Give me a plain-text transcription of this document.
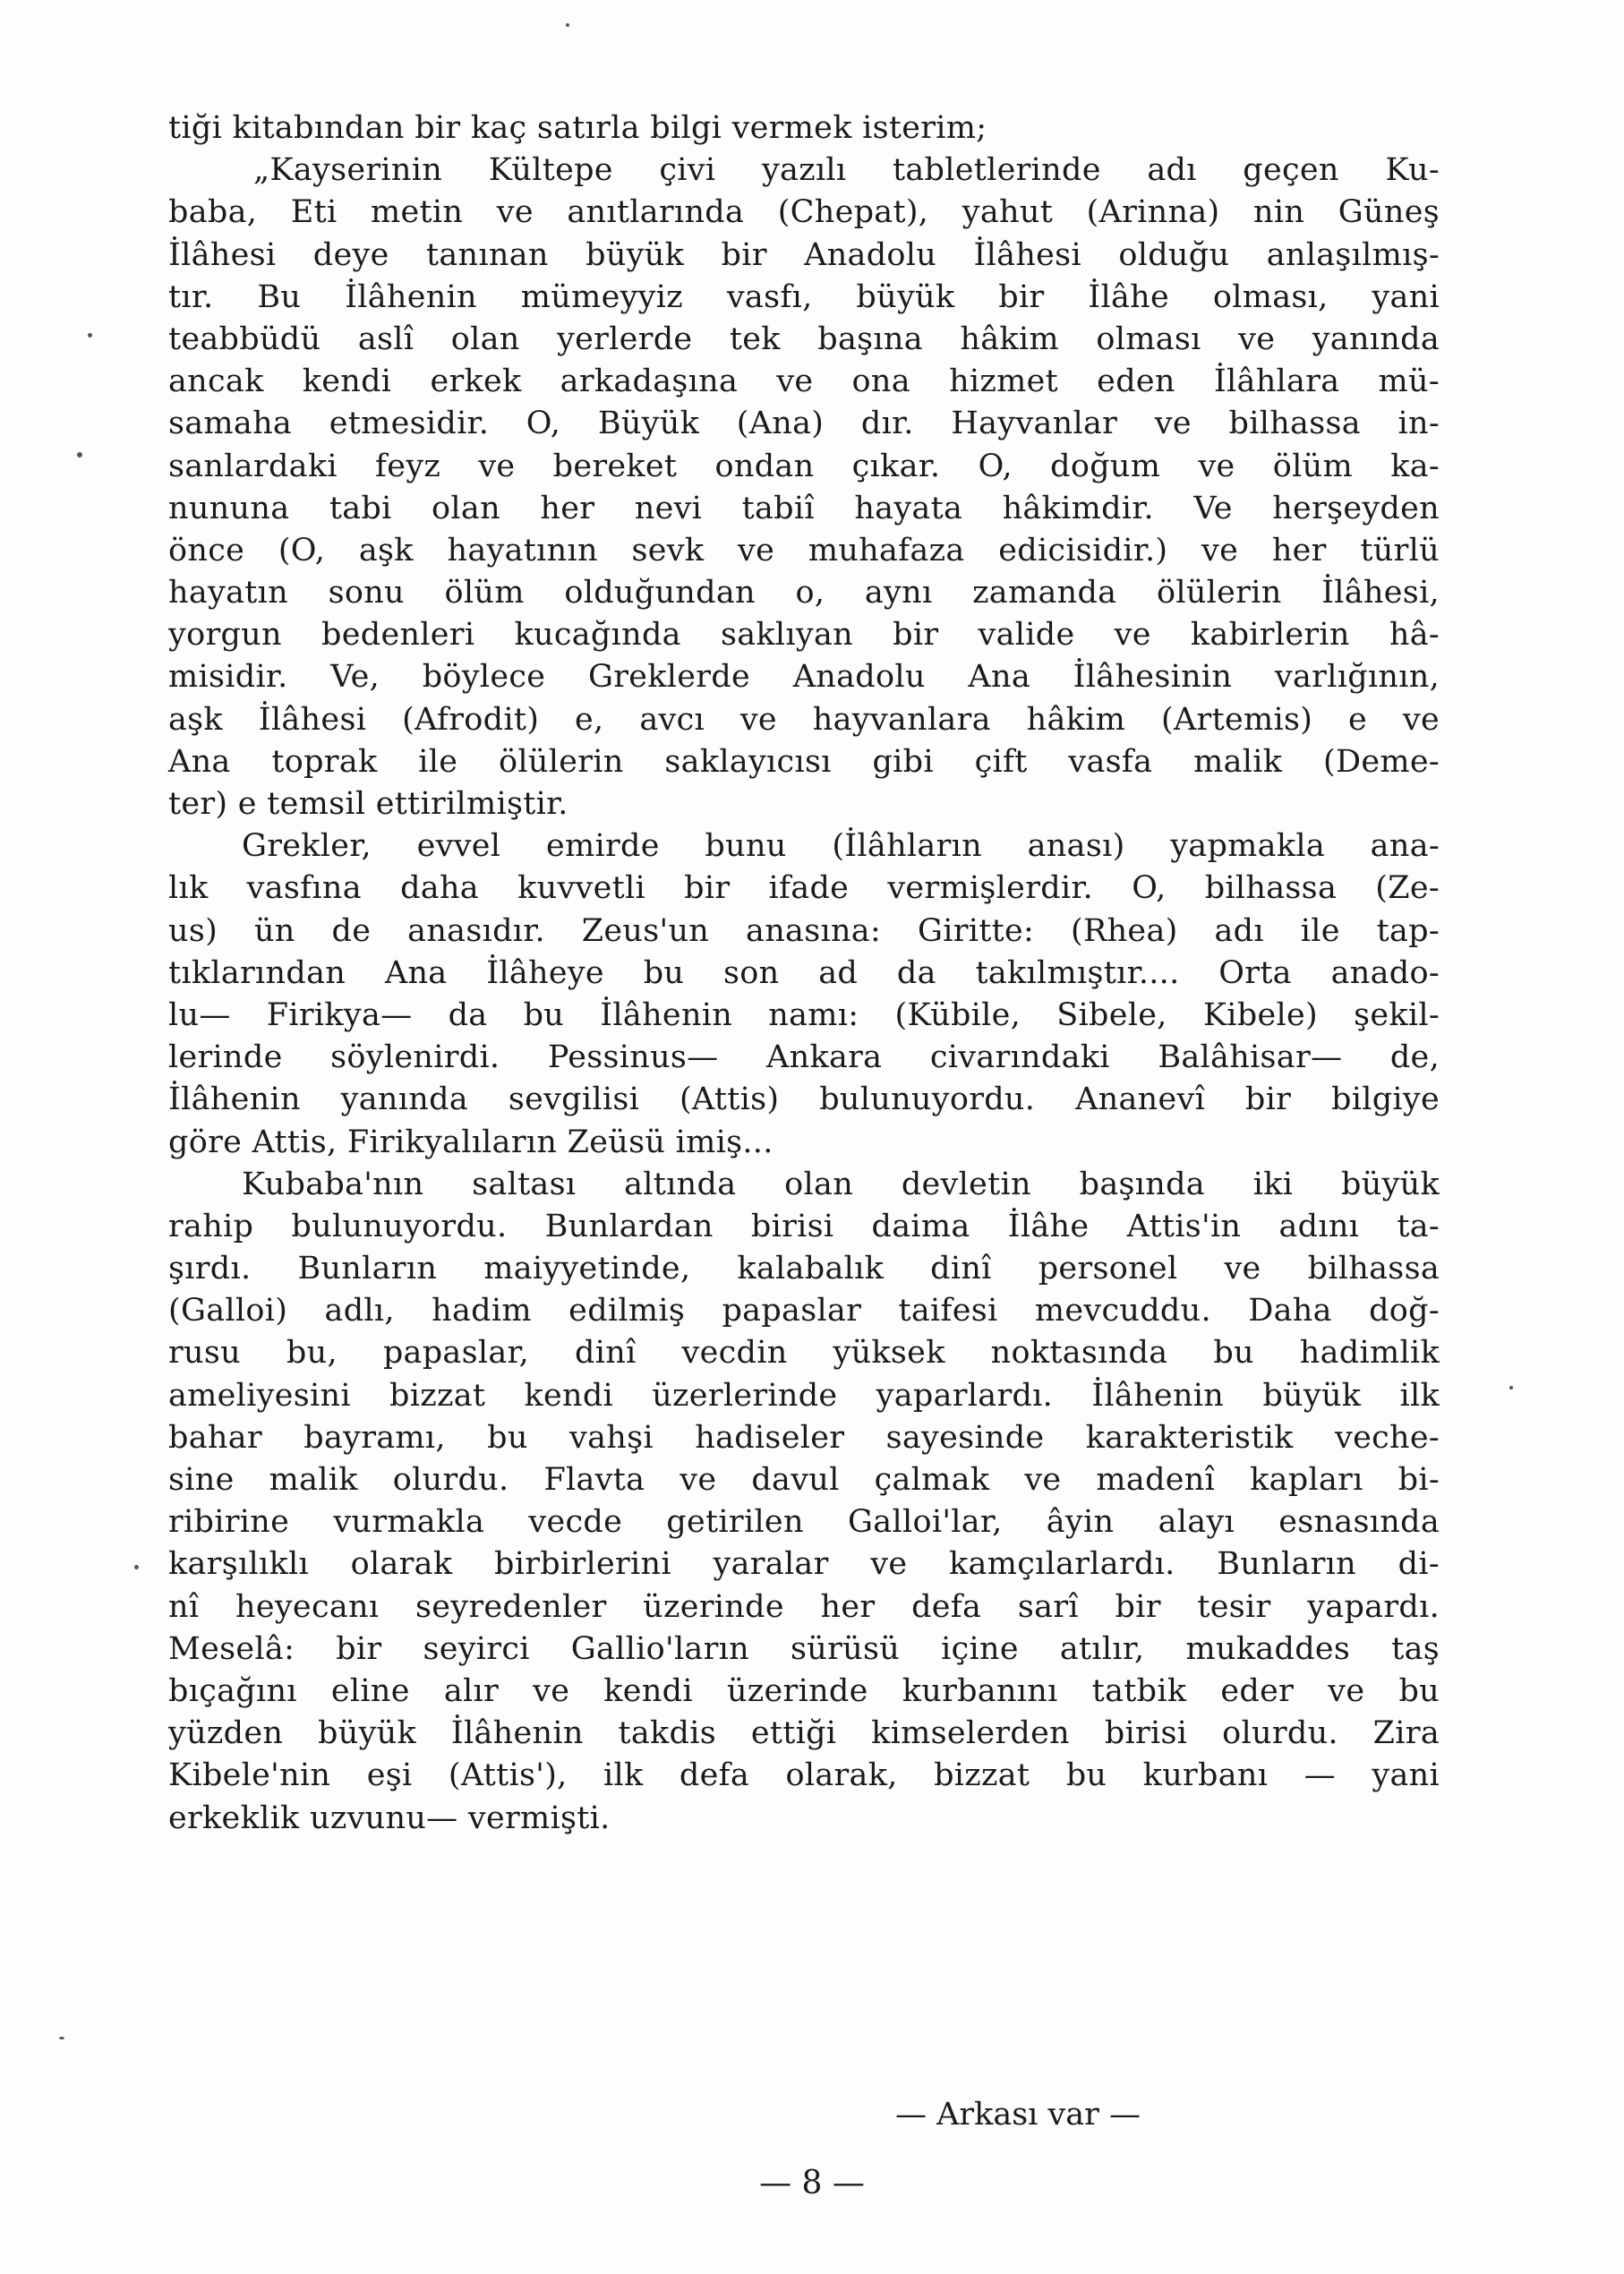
tiği kitabından bir kaç satırla bilgi vermek isterim;
„Kayserinin Kültepe çivi yazılı tabletlerinde adı geçen Ku-
baba, Eti metin ve anıtlarında (Chepat), yahut (Arinna) nin Güneş
İlâhesi deye tanınan büyük bir Anadolu İlâhesi olduğu anlaşılmış-
tır. Bu İlâhenin mümeyyiz vasfı, büyük bir İlâhe olması, yani
teabbüdü aslî olan yerlerde tek başına hâkim olması ve yanında
ancak kendi erkek arkadaşına ve ona hizmet eden İlâhlara mü-
samaha etmesidir. O, Büyük (Ana) dır. Hayvanlar ve bilhassa in-
sanlardaki feyz ve bereket ondan çıkar. O, doğum ve ölüm ka-
nununa tabi olan her nevi tabiî hayata hâkimdir. Ve herşeyden
önce (O, aşk hayatının sevk ve muhafaza edicisidir.) ve her türlü
hayatın sonu ölüm olduğundan o, aynı zamanda ölülerin İlâhesi,
yorgun bedenleri kucağında saklıyan bir valide ve kabirlerin hâ-
misidir. Ve, böylece Greklerde Anadolu Ana İlâhesinin varlığının,
aşk İlâhesi (Afrodit) e, avcı ve hayvanlara hâkim (Artemis) e ve
Ana toprak ile ölülerin saklayıcısı gibi çift vasfa malik (Deme-
ter) e temsil ettirilmiştir.
Grekler, evvel emirde bunu (İlâhların anası) yapmakla ana-
lık vasfına daha kuvvetli bir ifade vermişlerdir. O, bilhassa (Ze-
us) ün de anasıdır. Zeus'un anasına: Giritte: (Rhea) adı ile tap-
tıklarından Ana İlâheye bu son ad da takılmıştır.... Orta anado-
lu— Firikya— da bu İlâhenin namı: (Kübile, Sibele, Kibele) şekil-
lerinde söylenirdi. Pessinus— Ankara civarındaki Balâhisar— de,
İlâhenin yanında sevgilisi (Attis) bulunuyordu. Ananevî bir bilgiye
göre Attis, Firikyalıların Zeüsü imiş...
Kubaba'nın saltası altında olan devletin başında iki büyük
rahip bulunuyordu. Bunlardan birisi daima İlâhe Attis'in adını ta-
şırdı. Bunların maiyyetinde, kalabalık dinî personel ve bilhassa
(Galloi) adlı, hadim edilmiş papaslar taifesi mevcuddu. Daha doğ-
rusu bu, papaslar, dinî vecdin yüksek noktasında bu hadimlik
ameliyesini bizzat kendi üzerlerinde yaparlardı. İlâhenin büyük ilk
bahar bayramı, bu vahşi hadiseler sayesinde karakteristik veche-
sine malik olurdu. Flavta ve davul çalmak ve madenî kapları bi-
ribirine vurmakla vecde getirilen Galloi'lar, âyin alayı esnasında
karşılıklı olarak birbirlerini yaralar ve kamçılarlardı. Bunların di-
nî heyecanı seyredenler üzerinde her defa sarî bir tesir yapardı.
Meselâ: bir seyirci Gallio'ların sürüsü içine atılır, mukaddes taş
bıçağını eline alır ve kendi üzerinde kurbanını tatbik eder ve bu
yüzden büyük İlâhenin takdis ettiği kimselerden birisi olurdu. Zira
Kibele'nin eşi (Attis'), ilk defa olarak, bizzat bu kurbanı — yani
erkeklik uzvunu— vermişti.
— Arkası var —
— 8 —
